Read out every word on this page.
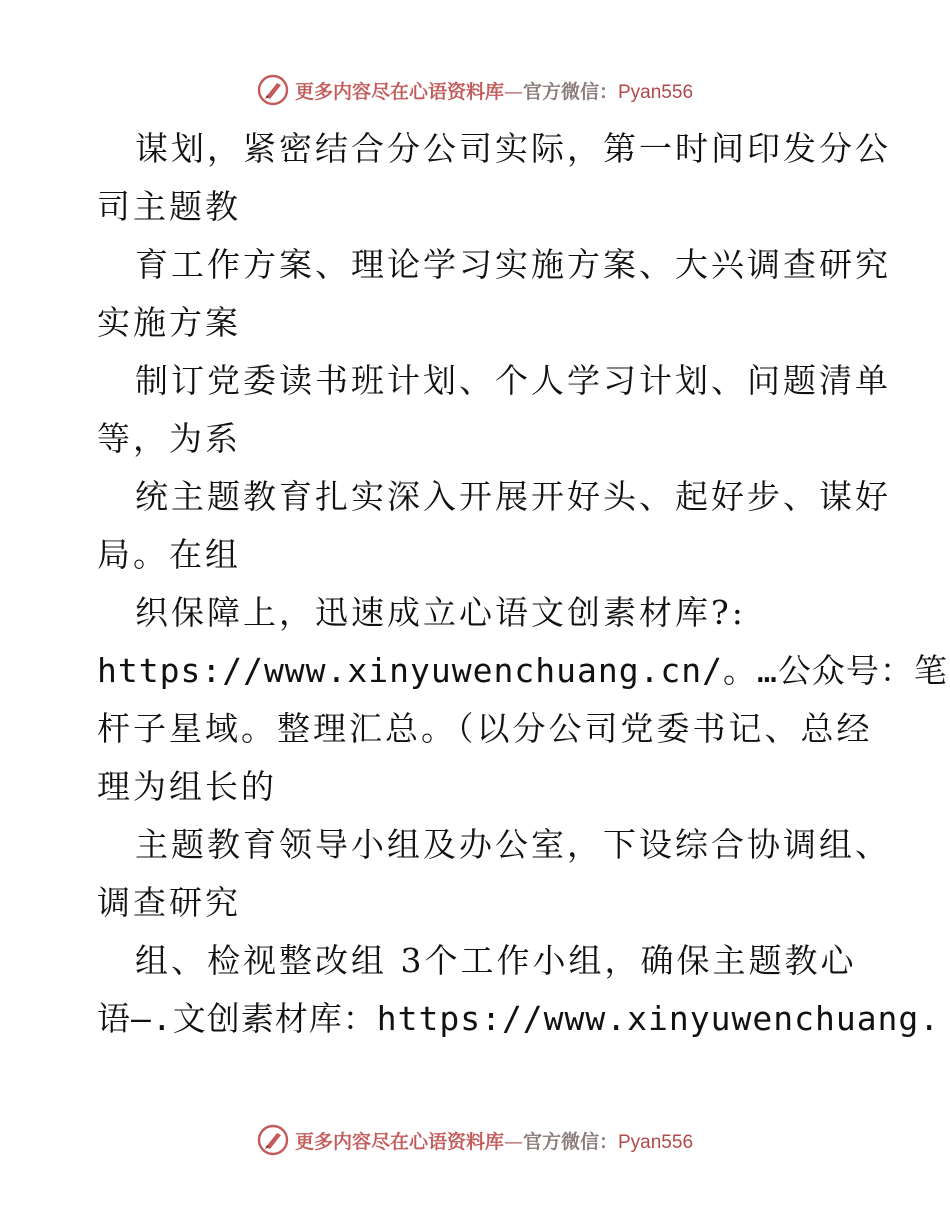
更多内容尽在心语资料库—官方微信：Pyan556
谋划，紧密结合分公司实际，第一时间印发分公
司主题教
育工作方案、理论学习实施方案、大兴调查研究
实施方案
制订党委读书班计划、个人学习计划、问题清单
等，为系
统主题教育扎实深入开展开好头、起好步、谋好
局。在组
织保障上，迅速成立心语文创素材库?:
https://www.xinyuwenchuang.cn/。…公众号：笔
杆子星域。整理汇总。（以分公司党委书记、总经
理为组长的
主题教育领导小组及办公室，下设综合协调组、
调查研究
组、检视整改组 3个工作小组，确保主题教心
语—.文创素材库：https://www.xinyuwenchuang.
更多内容尽在心语资料库—官方微信：Pyan556
